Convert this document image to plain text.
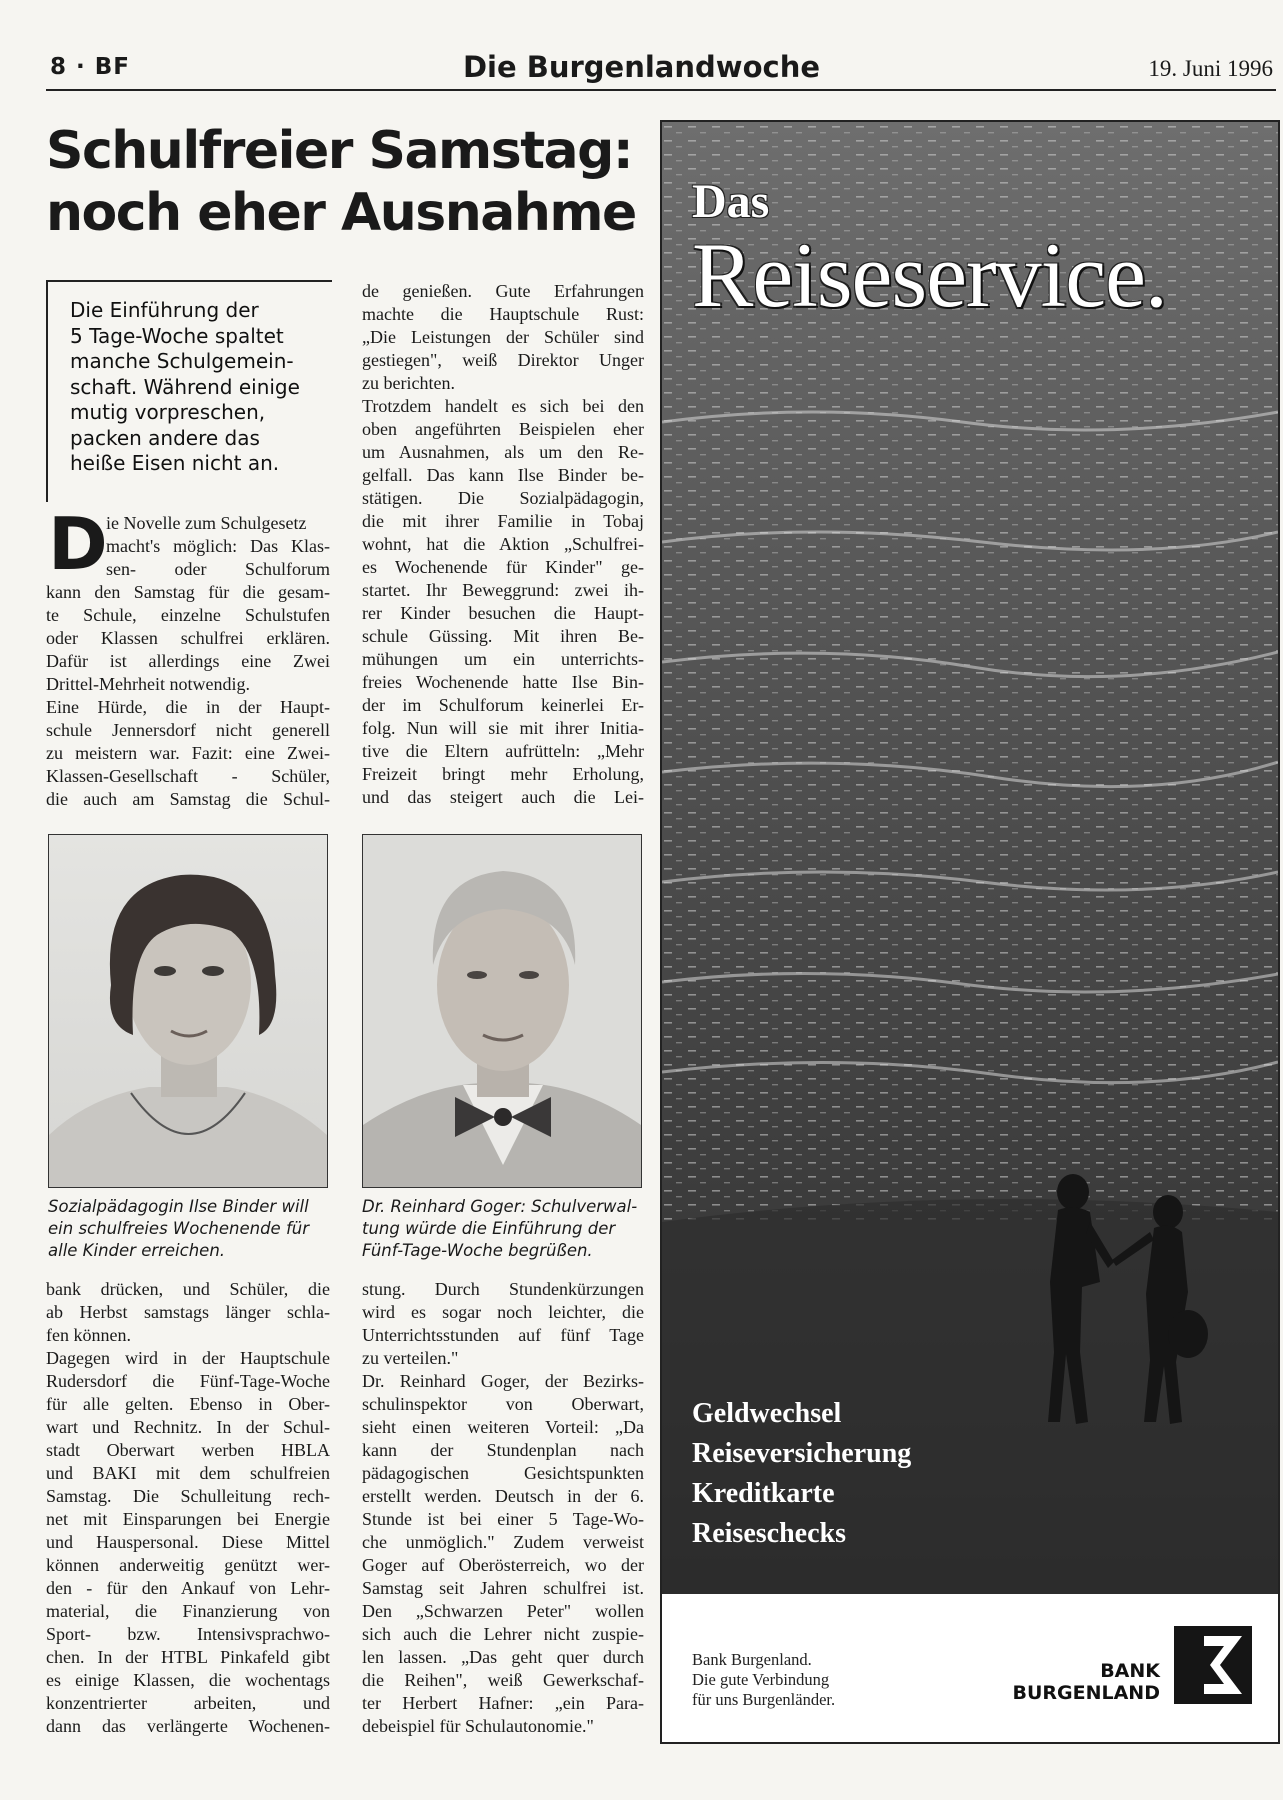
8 · BF	Die Burgenlandwoche	19. Juni 1996
Schulfreier Samstag:
noch eher Ausnahme
Die Einführung der
5 Tage-Woche spaltet
manche Schulgemein-
schaft. Während einige
mutig vorpreschen,
packen andere das
heiße Eisen nicht an.
D
ie Novelle zum Schulgesetz
macht's möglich: Das Klas-
sen- oder Schulforum
kann den Samstag für die gesam-
te Schule, einzelne Schulstufen
oder Klassen schulfrei erklären.
Dafür ist allerdings eine Zwei
Drittel-Mehrheit notwendig.
Eine Hürde, die in der Haupt-
schule Jennersdorf nicht generell
zu meistern war. Fazit: eine Zwei-
Klassen-Gesellschaft - Schüler,
die auch am Samstag die Schul-
de genießen. Gute Erfahrungen
machte die Hauptschule Rust:
„Die Leistungen der Schüler sind
gestiegen", weiß Direktor Unger
zu berichten.
Trotzdem handelt es sich bei den
oben angeführten Beispielen eher
um Ausnahmen, als um den Re-
gelfall. Das kann Ilse Binder be-
stätigen. Die Sozialpädagogin,
die mit ihrer Familie in Tobaj
wohnt, hat die Aktion „Schulfrei-
es Wochenende für Kinder" ge-
startet. Ihr Beweggrund: zwei ih-
rer Kinder besuchen die Haupt-
schule Güssing. Mit ihren Be-
mühungen um ein unterrichts-
freies Wochenende hatte Ilse Bin-
der im Schulforum keinerlei Er-
folg. Nun will sie mit ihrer Initia-
tive die Eltern aufrütteln: „Mehr
Freizeit bringt mehr Erholung,
und das steigert auch die Lei-
Sozialpädagogin Ilse Binder will
ein schulfreies Wochenende für
alle Kinder erreichen.
Dr. Reinhard Goger: Schulverwal-
tung würde die Einführung der
Fünf-Tage-Woche begrüßen.
bank drücken, und Schüler, die
ab Herbst samstags länger schla-
fen können.
Dagegen wird in der Hauptschule
Rudersdorf die Fünf-Tage-Woche
für alle gelten. Ebenso in Ober-
wart und Rechnitz. In der Schul-
stadt Oberwart werben HBLA
und BAKI mit dem schulfreien
Samstag. Die Schulleitung rech-
net mit Einsparungen bei Energie
und Hauspersonal. Diese Mittel
können anderweitig genützt wer-
den - für den Ankauf von Lehr-
material, die Finanzierung von
Sport- bzw. Intensivsprachwo-
chen. In der HTBL Pinkafeld gibt
es einige Klassen, die wochentags
konzentrierter arbeiten, und
dann das verlängerte Wochenen-
stung. Durch Stundenkürzungen
wird es sogar noch leichter, die
Unterrichtsstunden auf fünf Tage
zu verteilen."
Dr. Reinhard Goger, der Bezirks-
schulinspektor von Oberwart,
sieht einen weiteren Vorteil: „Da
kann der Stundenplan nach
pädagogischen Gesichtspunkten
erstellt werden. Deutsch in der 6.
Stunde ist bei einer 5 Tage-Wo-
che unmöglich." Zudem verweist
Goger auf Oberösterreich, wo der
Samstag seit Jahren schulfrei ist.
Den „Schwarzen Peter" wollen
sich auch die Lehrer nicht zuspie-
len lassen. „Das geht quer durch
die Reihen", weiß Gewerkschaf-
ter Herbert Hafner: „ein Para-
debeispiel für Schulautonomie."
Das
Reiseservice.
Geldwechsel
Reiseversicherung
Kreditkarte
Reiseschecks
Bank Burgenland.
Die gute Verbindung
für uns Burgenländer.
BANK
BURGENLAND
